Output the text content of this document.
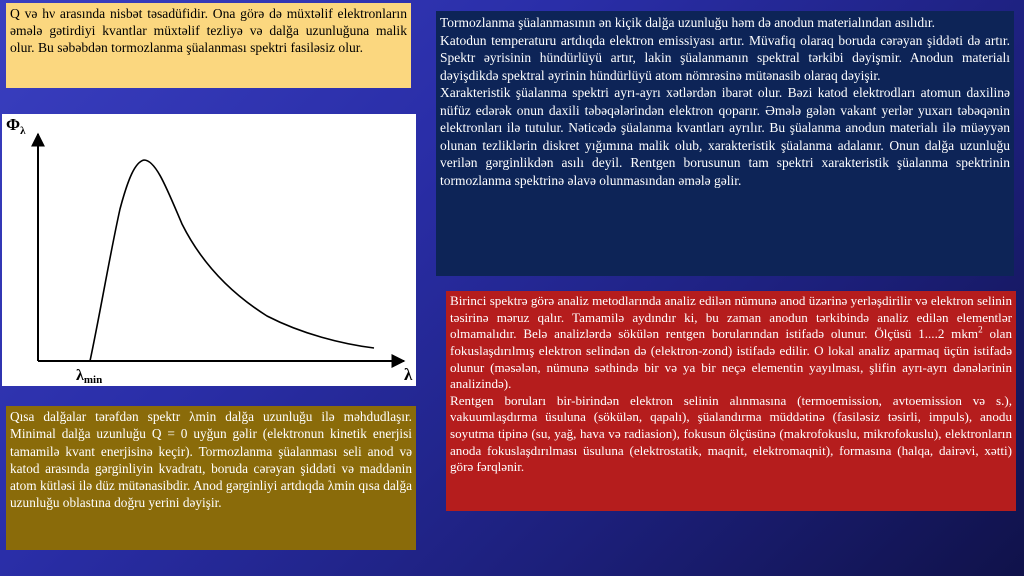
Q və hν arasında nisbət təsadüfidir. Ona görə də müxtəlif elektronların əmələ gətirdiyi kvantlar müxtəlif tezliyə və dalğa uzunluğuna malik olur. Bu səbəbdən tormozlanma şüalanması spektri fasiləsiz olur.

Tormozlanma şüalanmasının ən kiçik dalğa uzunluğu həm də anodun materialından asılıdır.

Katodun temperaturu artdıqda elektron emissiyası artır. Müvafiq olaraq boruda cərəyan şiddəti də artır. Spektr əyrisinin hündürlüyü artır, lakin şüalanmanın spektral tərkibi dəyişmir. Anodun materialı dəyişdikdə spektral əyrinin hündürlüyü atom nömrəsinə mütənasib olaraq dəyişir.

Xarakteristik şüalanma spektri ayrı-ayrı xətlərdən ibarət olur. Bəzi katod elektrodları atomun daxilinə nüfüz edərək onun daxili təbəqələrindən elektron qoparır. Əmələ gələn vakant yerlər yuxarı təbəqənin elektronları ilə tutulur. Nəticədə şüalanma kvantları ayrılır. Bu şüalanma anodun materialı ilə müəyyən olunan tezliklərin diskret yığımına malik olub, xarakteristik şüalanma adalanır. Onun dalğa uzunluğu verilən gərginlikdən asılı deyil. Rentgen borusunun tam spektri xarakteristik şüalanma spektrinin tormozlanma spektrinə əlavə olunmasından əmələ gəlir.

$\Phi_\lambda$
λ
λmin

Birinci spektrə görə analiz metodlarında analiz edilən nümunə anod üzərinə yerləşdirilir və elektron selinin təsirinə məruz qalır. Tamamilə aydındır ki, bu zaman anodun tərkibində analiz edilən elementlər olmamalıdır. Belə analizlərdə sökülən rentgen borularından istifadə olunur. Ölçüsü 1....2 mkm$^2$ olan fokuslaşdırılmış elektron selindən də (elektron-zond) istifadə edilir. O lokal analiz aparmaq üçün istifadə olunur (məsələn, nümunə səthində bir və ya bir neçə elementin yayılması, şlifin ayrı-ayrı dənələrinin analizində).

Rentgen boruları bir-birindən elektron selinin alınmasına (termoemission, avtoemission və s.), vakuumlaşdırma üsuluna (sökülən, qapalı), şüalandırma müddətinə (fasiləsiz təsirli, impuls), anodu soyutma tipinə (su, yağ, hava və radiasion), fokusun ölçüsünə (makrofokuslu, mikrofokuslu), elektronların anoda fokuslaşdırılması üsuluna (elektrostatik, maqnit, elektromaqnit), formasına (halqa, dairəvi, xətti) görə fərqlənir.

Qısa dalğalar tərəfdən spektr λmin dalğa uzunluğu ilə məhdudlaşır. Minimal dalğa uzunluğu Q = 0 uyğun gəlir (elektronun kinetik enerjisi tamamilə kvant enerjisinə keçir). Tormozlanma şüalanması seli anod və katod arasında gərginliyin kvadratı, boruda cərəyan şiddəti və maddənin atom kütləsi ilə düz mütənasibdir. Anod gərginliyi artdıqda λmin qısa dalğa uzunluğu oblastına doğru yerini dəyişir.
